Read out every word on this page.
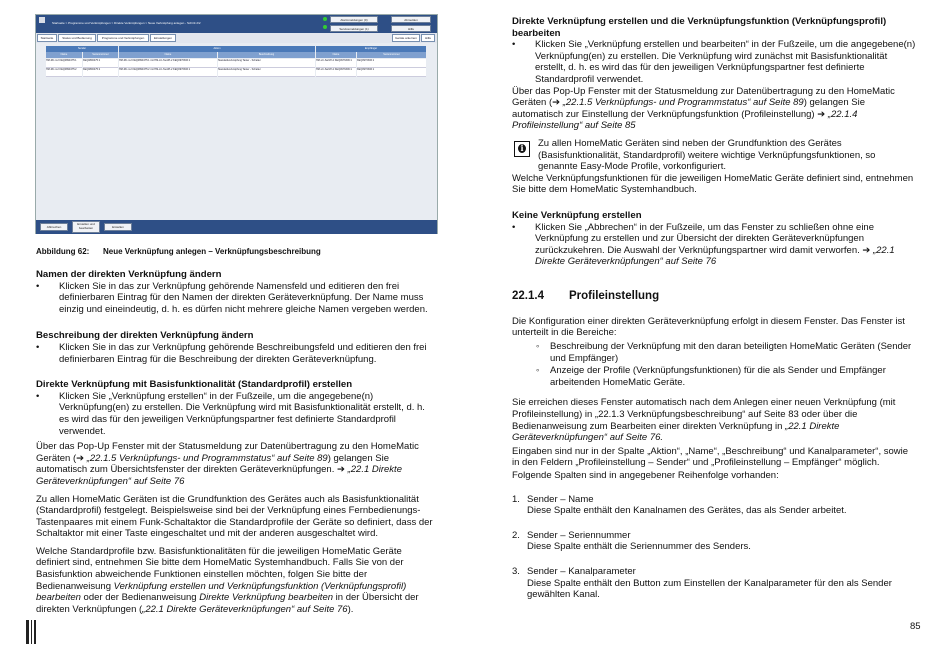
Startseite > Programme und Verknüpfungen > Direkte Verknüpfungen > Neue Verknüpfung anlegen - Schritt 2/2
Alarmmeldungen (0)
Servicemeldungen (1)
Abmelden
Hilfe
Startseite	Status und Bedienung	Programme und Verknüpfungen	Einstellungen	Geräte anlernen	Hilfe
Sender	Aktion	Empfänger
Name	Seriennummer	Name	Beschreibung	Name	Seriennummer
HM-RC-4-2 KEQ0890475:1	KEQ0890475:1	HM-RC-4-2 KEQ0890475:1 mit HM-LC-Sw1Pl-2 KEQ0976306:1	Standardverknüpfung Taster - Schalter	HM-LC-Sw1Pl-2 KEQ0976306:1	KEQ0976306:1
HM-RC-4-2 KEQ0890475:2	KEQ0890475:2	HM-RC-4-2 KEQ0890475:2 mit HM-LC-Sw1Pl-2 KEQ0976306:1	Standardverknüpfung Taster - Schalter	HM-LC-Sw1Pl-2 KEQ0976306:1	KEQ0976306:1
Abbrechen
Erstellen und bearbeiten	Erstellen
Abbildung 62: Neue Verknüpfung anlegen – Verknüpfungsbeschreibung
Namen der direkten Verknüpfung ändern
• Klicken Sie in das zur Verknüpfung gehörende Namensfeld und editieren den frei definierbaren Eintrag für den Namen der direkten Geräteverknüpfung. Der Name muss einzig und eineindeutig, d. h. es dürfen nicht mehrere gleiche Namen vergeben werden.
Beschreibung der direkten Verknüpfung ändern
• Klicken Sie in das zur Verknüpfung gehörende Beschreibungsfeld und editieren den frei definierbaren Eintrag für die Beschreibung der direkten Geräteverknüpfung.
Direkte Verknüpfung mit Basisfunktionalität (Standardprofil) erstellen
• Klicken Sie „Verknüpfung erstellen“ in der Fußzeile, um die angegebene(n) Verknüpfung(en) zu erstellen. Die Verknüpfung wird mit Basisfunktionalität erstellt, d. h. es wird das für den jeweiligen Verknüpfungspartner fest definierte Standardprofil verwendet.
Über das Pop-Up Fenster mit der Statusmeldung zur Datenübertragung zu den HomeMatic Geräten (➔ „22.1.5 Verknüpfungs- und Programmstatus“ auf Seite 89) gelangen Sie automatisch zum Übersichtsfenster der direkten Geräteverknüpfungen. ➔ „22.1 Direkte Geräteverknüpfungen“ auf Seite 76
Zu allen HomeMatic Geräten ist die Grundfunktion des Gerätes auch als Basisfunktionalität (Standardprofil) festgelegt. Beispielsweise sind bei der Verknüpfung eines Fernbedienungs-Tastenpaares mit einem Funk-Schaltaktor die Standardprofile der Geräte so definiert, dass der Schaltaktor mit einer Taste eingeschaltet und mit der anderen ausgeschaltet wird.
Welche Standardprofile bzw. Basisfunktionalitäten für die jeweiligen HomeMatic Geräte definiert sind, entnehmen Sie bitte dem HomeMatic Systemhandbuch. Falls Sie von der Basisfunktion abweichende Funktionen einstellen möchten, folgen Sie bitte der Bedienanweisung Verknüpfung erstellen und Verknüpfungsfunktion (Verknüpfungsprofil) bearbeiten oder der Bedienanweisung Direkte Verknüpfung bearbeiten in der Übersicht der direkten Verknüpfungen („22.1 Direkte Geräteverknüpfungen“ auf Seite 76).
Direkte Verknüpfung erstellen und die Verknüpfungsfunktion (Verknüpfungsprofil) bearbeiten
• Klicken Sie „Verknüpfung erstellen und bearbeiten“ in der Fußzeile, um die angegebene(n) Verknüpfung(en) zu erstellen. Die Verknüpfung wird zunächst mit Basisfunktionalität erstellt, d. h. es wird das für den jeweiligen Verknüpfungspartner fest definierte Standardprofil verwendet.
Über das Pop-Up Fenster mit der Statusmeldung zur Datenübertragung zu den HomeMatic Geräten (➔ „22.1.5 Verknüpfungs- und Programmstatus“ auf Seite 89) gelangen Sie automatisch zur Einstellung der Verknüpfungsfunktion (Profileinstellung) ➔ „22.1.4 Profileinstellung“ auf Seite 85
i Zu allen HomeMatic Geräten sind neben der Grundfunktion des Gerätes (Basisfunktionalität, Standardprofil) weitere wichtige Verknüpfungsfunktionen, so genannte Easy-Mode Profile, vorkonfiguriert.
Welche Verknüpfungsfunktionen für die jeweiligen HomeMatic Geräte definiert sind, entnehmen Sie bitte dem HomeMatic Systemhandbuch.
Keine Verknüpfung erstellen
• Klicken Sie „Abbrechen“ in der Fußzeile, um das Fenster zu schließen ohne eine Verknüpfung zu erstellen und zur Übersicht der direkten Geräteverknüpfungen zurückzukehren. Die Auswahl der Verknüpfungspartner wird damit verworfen. ➔ „22.1 Direkte Geräteverknüpfungen“ auf Seite 76
22.1.4 Profileinstellung
Die Konfiguration einer direkten Geräteverknüpfung erfolgt in diesem Fenster. Das Fenster ist unterteilt in die Bereiche:
◦ Beschreibung der Verknüpfung mit den daran beteiligten HomeMatic Geräten (Sender und Empfänger)
◦ Anzeige der Profile (Verknüpfungsfunktionen) für die als Sender und Empfänger arbeitenden HomeMatic Geräte.
Sie erreichen dieses Fenster automatisch nach dem Anlegen einer neuen Verknüpfung (mit Profileinstellung) in „22.1.3 Verknüpfungsbeschreibung“ auf Seite 83 oder über die Bedienanweisung zum Bearbeiten einer direkten Verknüpfung in „22.1 Direkte Geräteverknüpfungen“ auf Seite 76.
Eingaben sind nur in der Spalte „Aktion“, „Name“, „Beschreibung“ und Kanalparameter“, sowie in den Feldern „Profileinstellung – Sender“ und „Profileinstellung – Empfänger“ möglich.
Folgende Spalten sind in angegebener Reihenfolge vorhanden:
1. Sender – Name
Diese Spalte enthält den Kanalnamen des Gerätes, das als Sender arbeitet.
2. Sender – Seriennummer
Diese Spalte enthält die Seriennummer des Senders.
3. Sender – Kanalparameter
Diese Spalte enthält den Button zum Einstellen der Kanalparameter für den als Sender gewählten Kanal.
85
